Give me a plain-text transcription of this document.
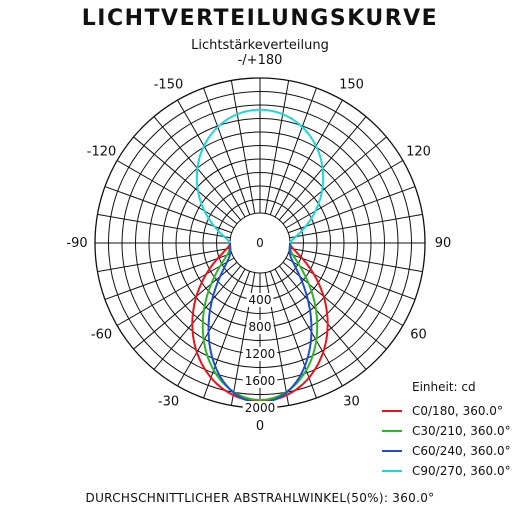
LICHTVERTEILUNGSKURVE
Lichtstärkeverteilung
0
400
800
1200
1600
2000
-/+180
150
120
90
60
30
0
-30
-60
-90
-120
-150
Einheit: cd
C0/180, 360.0°
C30/210, 360.0°
C60/240, 360.0°
C90/270, 360.0°
DURCHSCHNITTLICHER ABSTRAHLWINKEL(50%): 360.0°
